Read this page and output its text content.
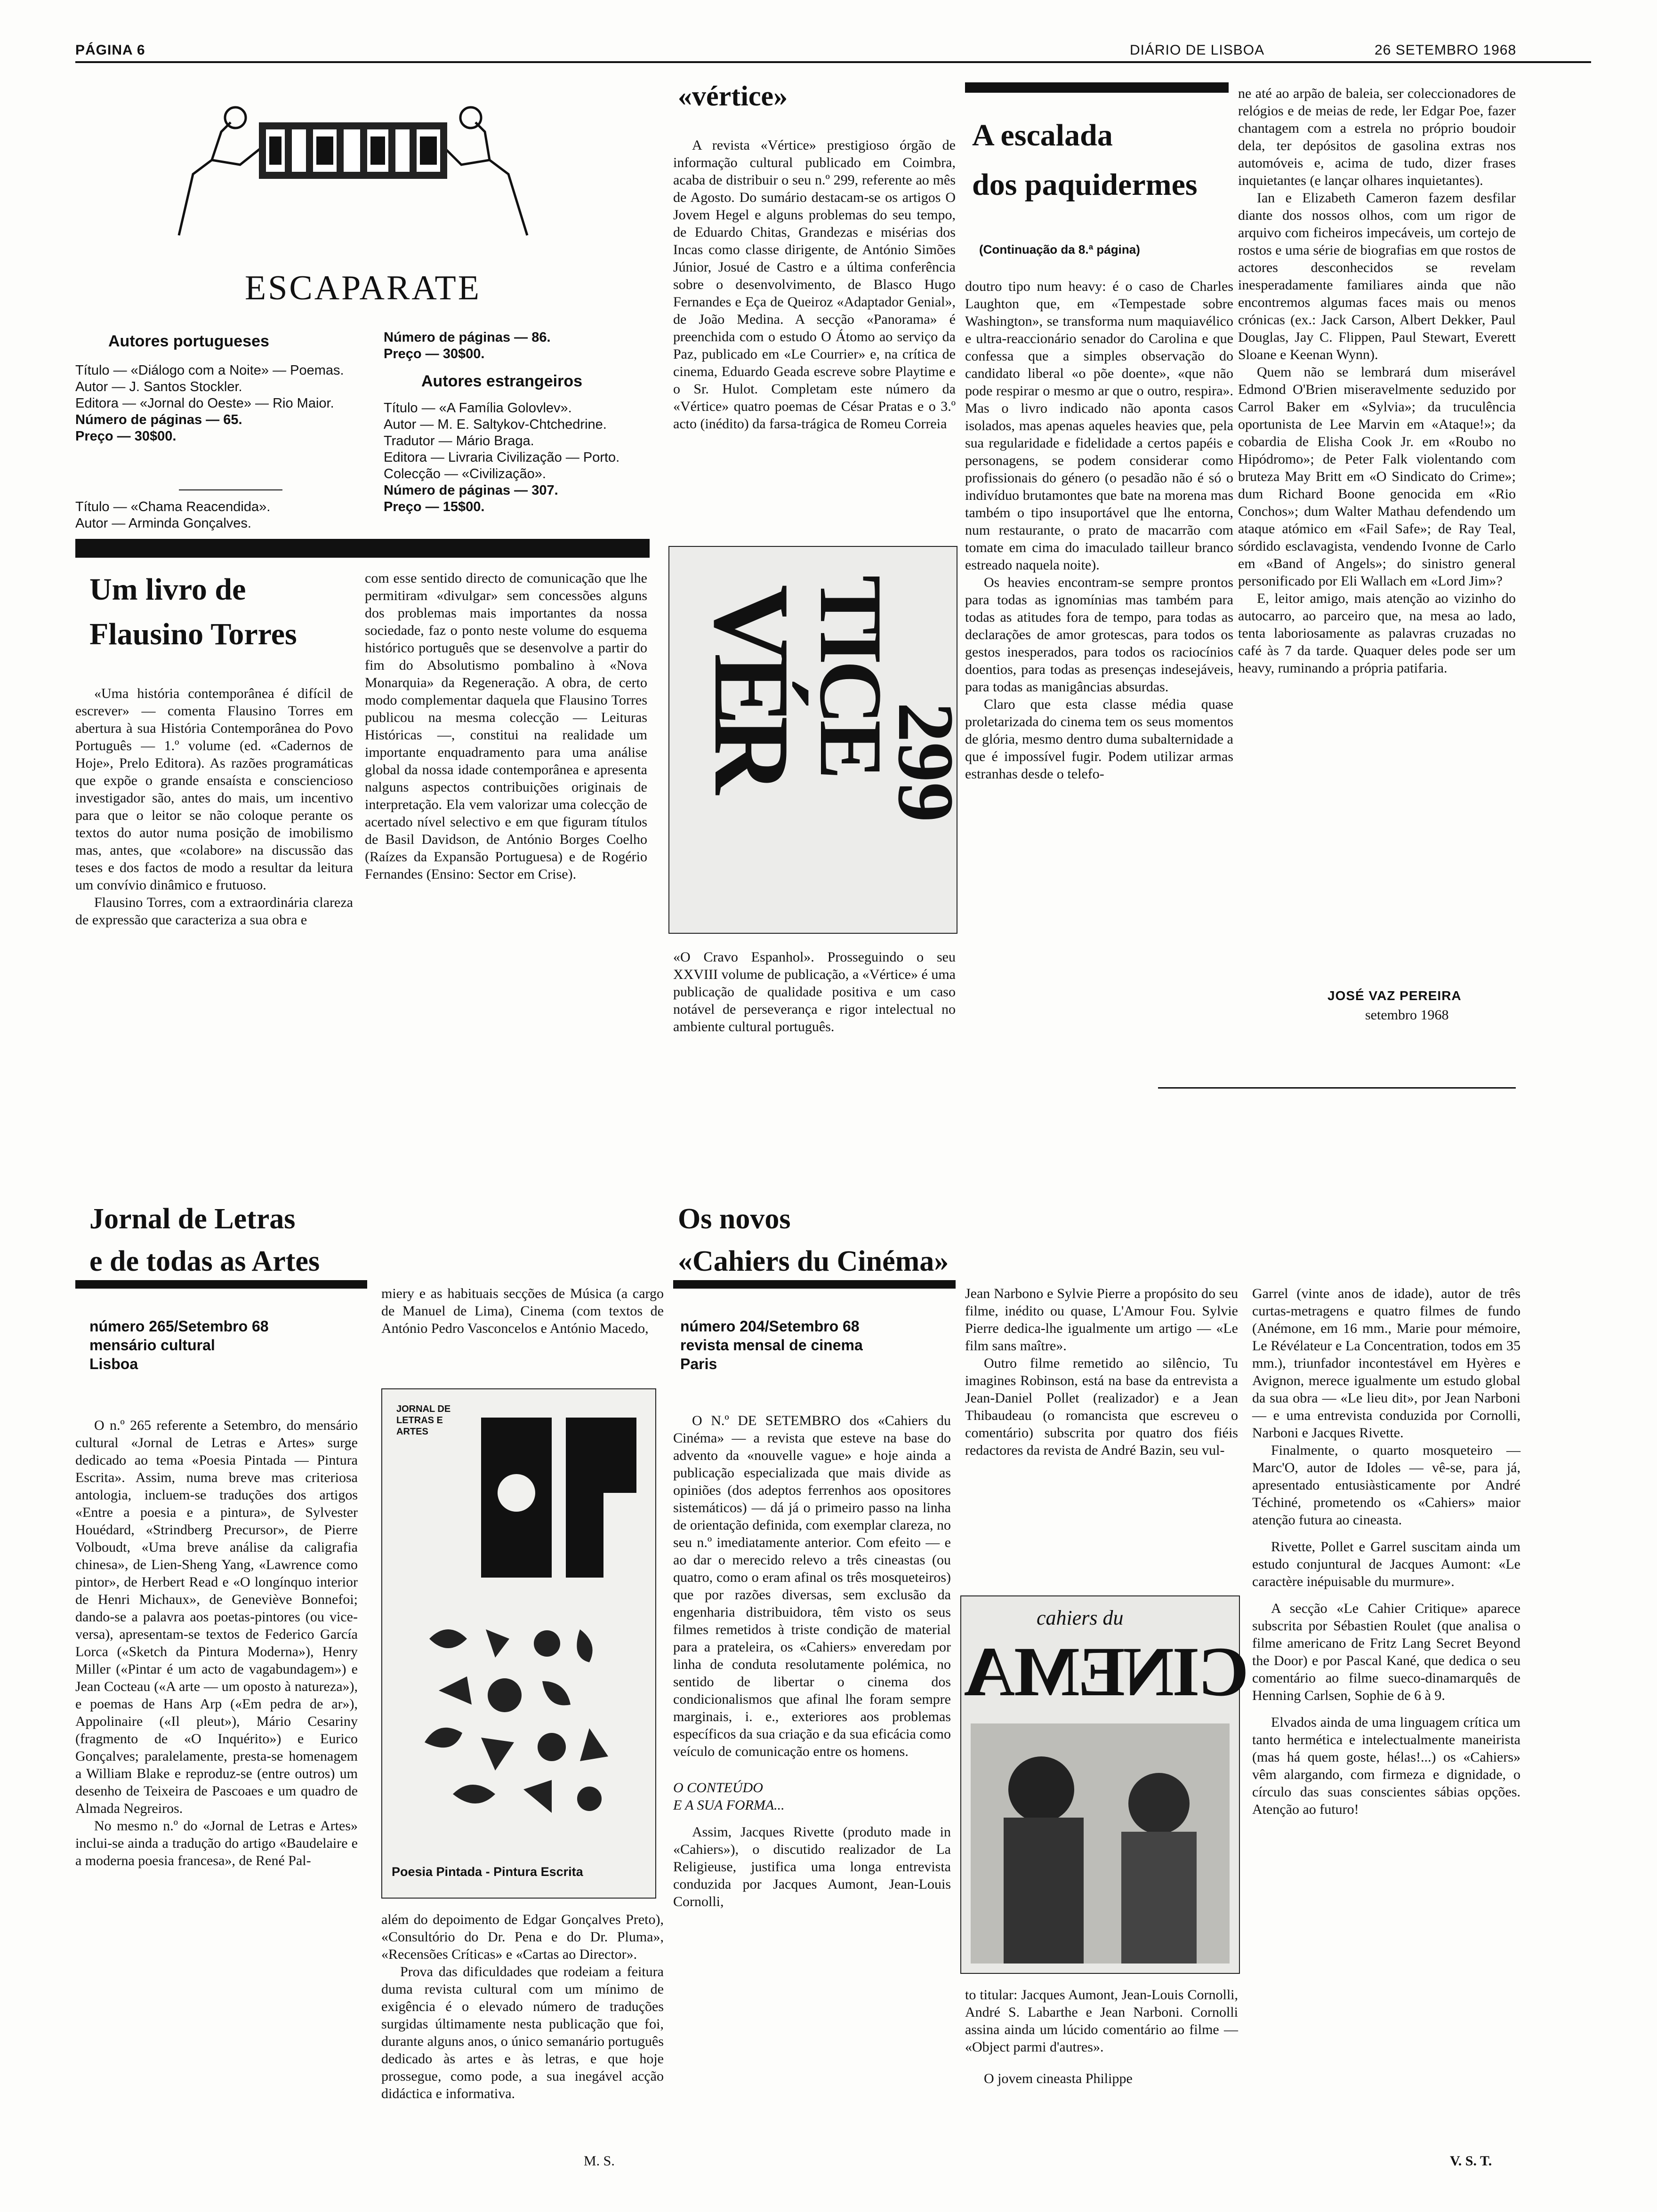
PÁGINA 6	DIÁRIO DE LISBOA	26 SETEMBRO 1968
ESCAPARATE
Autores portugueses

Título — «Diálogo com a Noite» — Poemas.

Autor — J. Santos Stockler.

Editora — «Jornal do Oeste» — Rio Maior.

Número de páginas — 65.

Preço — 30$00.

Título — «Chama Reacendida».

Autor — Arminda Gonçalves.

Número de páginas — 86.

Preço — 30$00.

Autores estrangeiros

Título — «A Família Golovlev».

Autor — M. E. Saltykov-Chtchedrine.

Tradutor — Mário Braga.

Editora — Livraria Civilização — Porto.

Colecção — «Civilização».

Número de páginas — 307.

Preço — 15$00.

Um livro de
Flausino Torres

«Uma história contemporânea é difícil de escrever» — comenta Flausino Torres em abertura à sua História Contemporânea do Povo Português — 1.º volume (ed. «Cadernos de Hoje», Prelo Editora). As razões programáticas que expõe o grande ensaísta e consciencioso investigador são, antes do mais, um incentivo para que o leitor se não coloque perante os textos do autor numa posição de imobilismo mas, antes, que «colabore» na discussão das teses e dos factos de modo a resultar da leitura um convívio dinâmico e frutuoso.

Flausino Torres, com a extraordinária clareza de expressão que caracteriza a sua obra e

com esse sentido directo de comunicação que lhe permitiram «divulgar» sem concessões alguns dos problemas mais importantes da nossa sociedade, faz o ponto neste volume do esquema histórico português que se desenvolve a partir do fim do Absolutismo pombalino à «Nova Monarquia» da Regeneração. A obra, de certo modo complementar daquela que Flausino Torres publicou na mesma colecção — Leituras Históricas —, constitui na realidade um importante enquadramento para uma análise global da nossa idade contemporânea e apresenta nalguns aspectos contribuições originais de interpretação. Ela vem valorizar uma colecção de acertado nível selectivo e em que figuram títulos de Basil Davidson, de António Borges Coelho (Raízes da Expansão Portuguesa) e de Rogério Fernandes (Ensino: Sector em Crise).

«vértice»

A revista «Vértice» prestigioso órgão de informação cultural publicado em Coimbra, acaba de distribuir o seu n.º 299, referente ao mês de Agosto. Do sumário destacam-se os artigos O Jovem Hegel e alguns problemas do seu tempo, de Eduardo Chitas, Grandezas e misérias dos Incas como classe dirigente, de António Simões Júnior, Josué de Castro e a última conferência sobre o desenvolvimento, de Blasco Hugo Fernandes e Eça de Queiroz «Adaptador Genial», de João Medina. A secção «Panorama» é preenchida com o estudo O Átomo ao serviço da Paz, publicado em «Le Courrier» e, na crítica de cinema, Eduardo Geada escreve sobre Playtime e o Sr. Hulot. Completam este número da «Vértice» quatro poemas de César Pratas e o 3.º acto (inédito) da farsa-trágica de Romeu Correia

VÉR
TICE
299

«O Cravo Espanhol». Prosseguindo o seu XXVIII volume de publicação, a «Vértice» é uma publicação de qualidade positiva e um caso notável de perseverança e rigor intelectual no ambiente cultural português.

A escalada
dos paquidermes
(Continuação da 8.ª página)

doutro tipo num heavy: é o caso de Charles Laughton que, em «Tempestade sobre Washington», se transforma num maquiavélico e ultra-reaccionário senador do Carolina e que confessa que a simples observação do candidato liberal «o põe doente», «que não pode respirar o mesmo ar que o outro, respira». Mas o livro indicado não aponta casos isolados, mas apenas aqueles heavies que, pela sua regularidade e fidelidade a certos papéis e personagens, se podem considerar como profissionais do género (o pesadão não é só o indivíduo brutamontes que bate na morena mas também o tipo insuportável que lhe entorna, num restaurante, o prato de macarrão com tomate em cima do imaculado tailleur branco estreado naquela noite).

Os heavies encontram-se sempre prontos para todas as ignomínias mas também para todas as atitudes fora de tempo, para todas as declarações de amor grotescas, para todos os gestos inesperados, para todos os raciocínios doentios, para todas as presenças indesejáveis, para todas as manigâncias absurdas.

Claro que esta classe média quase proletarizada do cinema tem os seus momentos de glória, mesmo dentro duma subalternidade a que é impossível fugir. Podem utilizar armas estranhas desde o telefo-

ne até ao arpão de baleia, ser coleccionadores de relógios e de meias de rede, ler Edgar Poe, fazer chantagem com a estrela no próprio boudoir dela, ter depósitos de gasolina extras nos automóveis e, acima de tudo, dizer frases inquietantes (e lançar olhares inquietantes).

Ian e Elizabeth Cameron fazem desfilar diante dos nossos olhos, com um rigor de arquivo com ficheiros impecáveis, um cortejo de rostos e uma série de biografias em que rostos de actores desconhecidos se revelam inesperadamente familiares ainda que não encontremos algumas faces mais ou menos crónicas (ex.: Jack Carson, Albert Dekker, Paul Douglas, Jay C. Flippen, Paul Stewart, Everett Sloane e Keenan Wynn).

Quem não se lembrará dum miserável Edmond O'Brien miseravelmente seduzido por Carrol Baker em «Sylvia»; da truculência oportunista de Lee Marvin em «Ataque!»; da cobardia de Elisha Cook Jr. em «Roubo no Hipódromo»; de Peter Falk violentando com bruteza May Britt em «O Sindicato do Crime»; dum Richard Boone genocida em «Rio Conchos»; dum Walter Mathau defendendo um ataque atómico em «Fail Safe»; de Ray Teal, sórdido esclavagista, vendendo Ivonne de Carlo em «Band of Angels»; do sinistro general personificado por Eli Wallach em «Lord Jim»?

E, leitor amigo, mais atenção ao vizinho do autocarro, ao parceiro que, na mesa ao lado, tenta laboriosamente as palavras cruzadas no café às 7 da tarde. Quaquer deles pode ser um heavy, ruminando a própria patifaria.

JOSÉ VAZ PEREIRA
setembro 1968
Jornal de Letras
e de todas as Artes
número 265/Setembro 68
mensário cultural
Lisboa

O n.º 265 referente a Setembro, do mensário cultural «Jornal de Letras e Artes» surge dedicado ao tema «Poesia Pintada — Pintura Escrita». Assim, numa breve mas criteriosa antologia, incluem-se traduções dos artigos «Entre a poesia e a pintura», de Sylvester Houédard, «Strindberg Precursor», de Pierre Volboudt, «Uma breve análise da caligrafia chinesa», de Lien-Sheng Yang, «Lawrence como pintor», de Herbert Read e «O longínquo interior de Henri Michaux», de Geneviève Bonnefoi; dando-se a palavra aos poetas-pintores (ou vice-versa), apresentam-se textos de Federico García Lorca («Sketch da Pintura Moderna»), Henry Miller («Pintar é um acto de vagabundagem») e Jean Cocteau («A arte — um oposto à natureza»), e poemas de Hans Arp («Em pedra de ar»), Appolinaire («Il pleut»), Mário Cesariny (fragmento de «O Inquérito») e Eurico Gonçalves; paralelamente, presta-se homenagem a William Blake e reproduz-se (entre outros) um desenho de Teixeira de Pascoaes e um quadro de Almada Negreiros.

No mesmo n.º do «Jornal de Letras e Artes» inclui-se ainda a tradução do artigo «Baudelaire e a moderna poesia francesa», de René Pal-

miery e as habituais secções de Música (a cargo de Manuel de Lima), Cinema (com textos de António Pedro Vasconcelos e António Macedo,

JORNAL DE LETRAS E ARTES
Poesia Pintada - Pintura Escrita

além do depoimento de Edgar Gonçalves Preto), «Consultório do Dr. Pena e do Dr. Pluma», «Recensões Críticas» e «Cartas ao Director».

Prova das dificuldades que rodeiam a feitura duma revista cultural com um mínimo de exigência é o elevado número de traduções surgidas últimamente nesta publicação que foi, durante alguns anos, o único semanário português dedicado às artes e às letras, e que hoje prossegue, como pode, a sua inegável acção didáctica e informativa.

M. S.
Os novos
«Cahiers du Cinéma»
número 204/Setembro 68
revista mensal de cinema
Paris

O N.º DE SETEMBRO dos «Cahiers du Cinéma» — a revista que esteve na base do advento da «nouvelle vague» e hoje ainda a publicação especializada que mais divide as opiniões (dos adeptos ferrenhos aos opositores sistemáticos) — dá já o primeiro passo na linha de orientação definida, com exemplar clareza, no seu n.º imediatamente anterior. Com efeito — e ao dar o merecido relevo a três cineastas (ou quatro, como o eram afinal os três mosqueteiros) que por razões diversas, sem exclusão da engenharia distribuidora, têm visto os seus filmes remetidos à triste condição de material para a prateleira, os «Cahiers» enveredam por linha de conduta resolutamente polémica, no sentido de libertar o cinema dos condicionalismos que afinal lhe foram sempre marginais, i. e., exteriores aos problemas específicos da sua criação e da sua eficácia como veículo de comunicação entre os homens.

O CONTEÚDO

E A SUA FORMA...

Assim, Jacques Rivette (produto made in «Cahiers»), o discutido realizador de La Religieuse, justifica uma longa entrevista conduzida por Jacques Aumont, Jean-Louis Cornolli,

Jean Narbono e Sylvie Pierre a propósito do seu filme, inédito ou quase, L'Amour Fou. Sylvie Pierre dedica-lhe igualmente um artigo — «Le film sans maître».

Outro filme remetido ao silêncio, Tu imagines Robinson, está na base da entrevista a Jean-Daniel Pollet (realizador) e a Jean Thibaudeau (o romancista que escreveu o comentário) subscrita por quatro dos fiéis redactores da revista de André Bazin, seu vul-

cahiers du
CINEMA

to titular: Jacques Aumont, Jean-Louis Cornolli, André S. Labarthe e Jean Narboni. Cornolli assina ainda um lúcido comentário ao filme — «Object parmi d'autres».

O jovem cineasta Philippe

Garrel (vinte anos de idade), autor de três curtas-metragens e quatro filmes de fundo (Anémone, em 16 mm., Marie pour mémoire, Le Révélateur e La Concentration, todos em 35 mm.), triunfador incontestável em Hyères e Avignon, merece igualmente um estudo global da sua obra — «Le lieu dit», por Jean Narboni — e uma entrevista conduzida por Cornolli, Narboni e Jacques Rivette.

Finalmente, o quarto mosqueteiro — Marc'O, autor de Idoles — vê-se, para já, apresentado entusiàsticamente por André Téchiné, prometendo os «Cahiers» maior atenção futura ao cineasta.

Rivette, Pollet e Garrel suscitam ainda um estudo conjuntural de Jacques Aumont: «Le caractère inépuisable du murmure».

A secção «Le Cahier Critique» aparece subscrita por Sébastien Roulet (que analisa o filme americano de Fritz Lang Secret Beyond the Door) e por Pascal Kané, que dedica o seu comentário ao filme sueco-dinamarquês de Henning Carlsen, Sophie de 6 à 9.

Elvados ainda de uma linguagem crítica um tanto hermética e intelectualmente maneirista (mas há quem goste, hélas!...) os «Cahiers» vêm alargando, com firmeza e dignidade, o círculo das suas conscientes sábias opções. Atenção ao futuro!

V. S. T.
